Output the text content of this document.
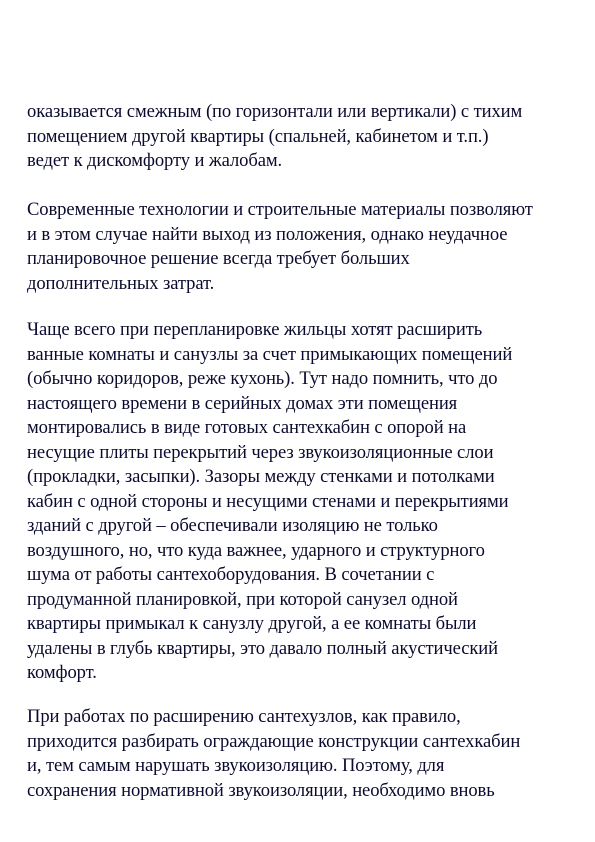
оказывается смежным (по горизонтали или вертикали) с тихим
помещением другой квартиры (спальней, кабинетом и т.п.)
ведет к дискомфорту и жалобам.
Современные технологии и строительные материалы позволяют
и в этом случае найти выход из положения, однако неудачное
планировочное решение всегда требует больших
дополнительных затрат.
Чаще всего при перепланировке жильцы хотят расширить
ванные комнаты и санузлы за счет примыкающих помещений
(обычно коридоров, реже кухонь). Тут надо помнить, что до
настоящего времени в серийных домах эти помещения
монтировались в виде готовых сантехкабин с опорой на
несущие плиты перекрытий через звукоизоляционные слои
(прокладки, засыпки). Зазоры между стенками и потолками
кабин с одной стороны и несущими стенами и перекрытиями
зданий с другой – обеспечивали изоляцию не только
воздушного, но, что куда важнее, ударного и структурного
шума от работы сантехоборудования. В сочетании с
продуманной планировкой, при которой санузел одной
квартиры примыкал к санузлу другой, а ее комнаты были
удалены в глубь квартиры, это давало полный акустический
комфорт.
При работах по расширению сантехузлов, как правило,
приходится разбирать ограждающие конструкции сантехкабин
и, тем самым нарушать звукоизоляцию. Поэтому, для
сохранения нормативной звукоизоляции, необходимо вновь
